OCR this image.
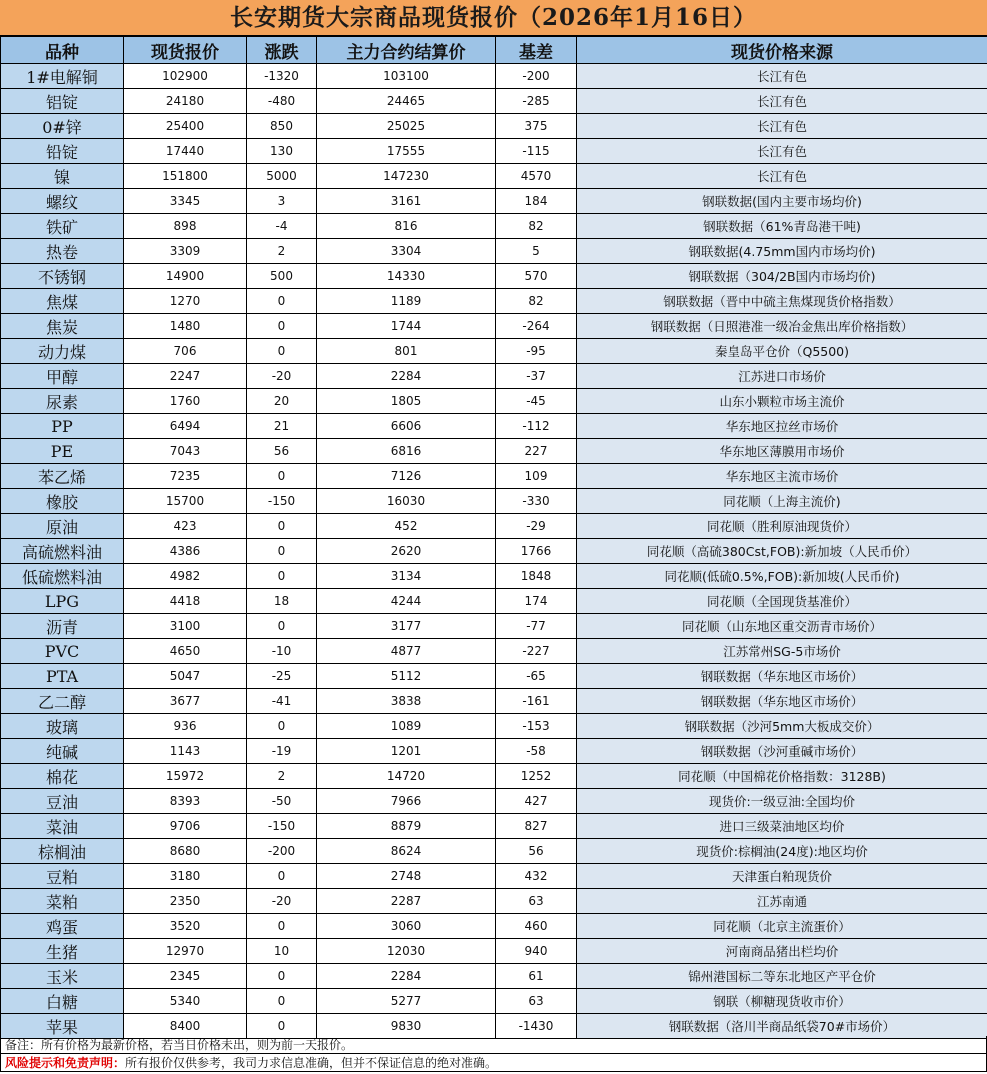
长安期货大宗商品现货报价（2026年1月16日）
品种	现货报价	涨跌	主力合约结算价	基差	现货价格来源
1#电解铜	102900	-1320	103100	-200	长江有色
铝锭	24180	-480	24465	-285	长江有色
0#锌	25400	850	25025	375	长江有色
铅锭	17440	130	17555	-115	长江有色
镍	151800	5000	147230	4570	长江有色
螺纹	3345	3	3161	184	钢联数据(国内主要市场均价)
铁矿	898	-4	816	82	钢联数据（61%青岛港干吨)
热卷	3309	2	3304	5	钢联数据(4.75mm国内市场均价)
不锈钢	14900	500	14330	570	钢联数据（304/2B国内市场均价)
焦煤	1270	0	1189	82	钢联数据（晋中中硫主焦煤现货价格指数）
焦炭	1480	0	1744	-264	钢联数据（日照港准一级冶金焦出库价格指数）
动力煤	706	0	801	-95	秦皇岛平仓价（Q5500)
甲醇	2247	-20	2284	-37	江苏进口市场价
尿素	1760	20	1805	-45	山东小颗粒市场主流价
PP	6494	21	6606	-112	华东地区拉丝市场价
PE	7043	56	6816	227	华东地区薄膜用市场价
苯乙烯	7235	0	7126	109	华东地区主流市场价
橡胶	15700	-150	16030	-330	同花顺（上海主流价)
原油	423	0	452	-29	同花顺（胜利原油现货价）
高硫燃料油	4386	0	2620	1766	同花顺（高硫380Cst,FOB):新加坡（人民币价）
低硫燃料油	4982	0	3134	1848	同花顺(低硫0.5%,FOB):新加坡(人民币价)
LPG	4418	18	4244	174	同花顺（全国现货基准价）
沥青	3100	0	3177	-77	同花顺（山东地区重交沥青市场价）
PVC	4650	-10	4877	-227	江苏常州SG-5市场价
PTA	5047	-25	5112	-65	钢联数据（华东地区市场价）
乙二醇	3677	-41	3838	-161	钢联数据（华东地区市场价）
玻璃	936	0	1089	-153	钢联数据（沙河5mm大板成交价）
纯碱	1143	-19	1201	-58	钢联数据（沙河重碱市场价）
棉花	15972	2	14720	1252	同花顺（中国棉花价格指数：3128B)
豆油	8393	-50	7966	427	现货价:一级豆油:全国均价
菜油	9706	-150	8879	827	进口三级菜油地区均价
棕榈油	8680	-200	8624	56	现货价:棕榈油(24度):地区均价
豆粕	3180	0	2748	432	天津蛋白粕现货价
菜粕	2350	-20	2287	63	江苏南通
鸡蛋	3520	0	3060	460	同花顺（北京主流蛋价）
生猪	12970	10	12030	940	河南商品猪出栏均价
玉米	2345	0	2284	61	锦州港国标二等东北地区产平仓价
白糖	5340	0	5277	63	钢联（柳糖现货收市价）
苹果	8400	0	9830	-1430	钢联数据（洛川半商品纸袋70#市场价）
备注：所有价格为最新价格，若当日价格未出，则为前一天报价。
风险提示和免责声明：所有报价仅供参考，我司力求信息准确，但并不保证信息的绝对准确。
